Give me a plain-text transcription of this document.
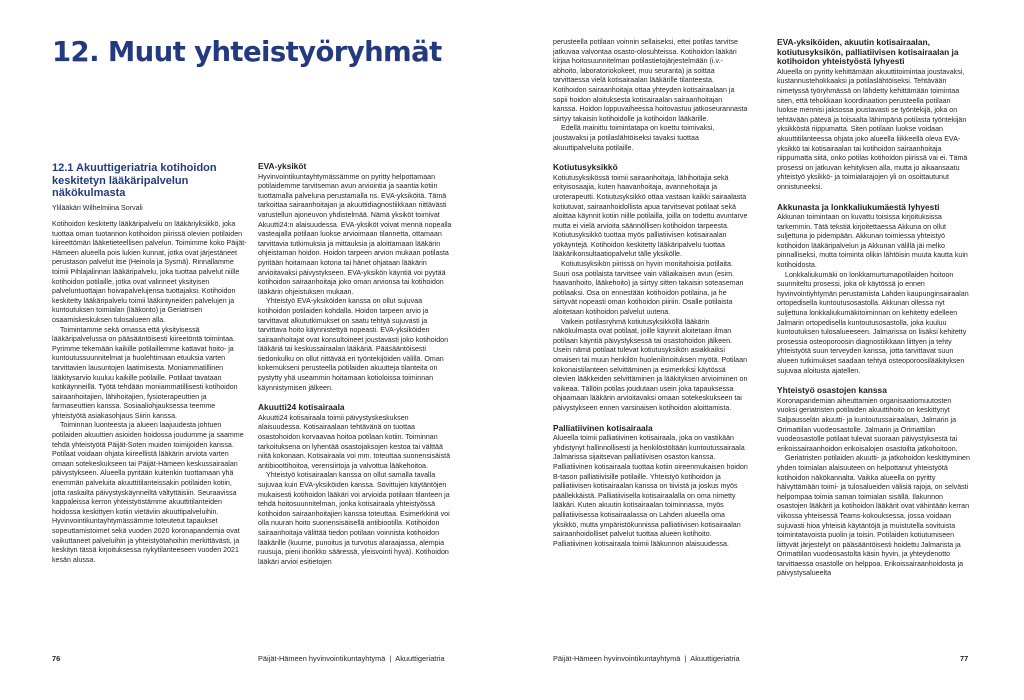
12. Muut yhteistyöryhmät
12.1 Akuuttigeriatria kotihoidon keskitetyn lääkäripalvelun näkökulmasta
Ylilääkäri Wilhelmiina Sorvali

Kotihoidon keskitetty lääkäripalvelu on lääkäriyksikkö, joka tuottaa oman tuotannon kotihoidon piirissä olevien potilaiden kiireettömän lääketieteellisen palvelun. Toimimme koko Päijät-Hämeen alueella pois lukien kunnat, jotka ovat järjestäneet perustason palvelut itse (Heinola ja Sysmä). Rinnallamme toimii Pihlajalinnan lääkäripalvelu, joka tuottaa palvelut niille kotihoidon potilaille, jotka ovat valinneet yksityisen palveluntuottajan hoivapalvelujensa tuottajaksi. Kotihoidon keskitetty lääkäripalvelu toimii lääkintyneiden palvelujen ja kuntoutuksen toimialan (lääkonto) ja Geriatrisen osaamiskeskuksen tulosalueen alla.

Toimintamme sekä omassa että yksityisessä lääkäripalvelussa on pääsääntöisesti kiireetöntä toimintaa. Pyrimme tekemään kaikille potilaillemme kattavat hoito- ja kuntoutussuunnitelmat ja huolehtimaan etuuksia varten tarvittavien lausuntojen laatimisesta. Moniammatillinen lääkitysarvio kuuluu kaikille potilaille. Potilaat tavataan kotikäynneillä. Työtä tehdään moniammatillisesti kotihoidon sairaanhoitajien, lähihoitajien, fysioterapeuttien ja farmaseuttien kanssa. Sosiaaliohjauksessa teemme yhteistyötä asiakasohjaus Siirin kanssa.

Toiminnan luonteesta ja alueen laajuudesta johtuen potilaiden akuuttien asioiden hoidossa joudumme ja saamme tehdä yhteistyötä Päijät-Soten muiden toimijoiden kanssa. Potilaat voidaan ohjata kiireellistä lääkärin arviota varten omaan sotekeskukseen tai Päijät-Hämeen keskussairaalan päivystykseen. Alueella pyritään kuitenkin tuottamaan yhä enemmän palveluita akuuttitilanteissakin potilaiden kotiin, jotta raskailta päivystyskäynneiltä vältyttäisiin. Seuraavissa kappaleissa kerron yhteistyöstämme akuuttitilanteiden hoidossa keskittyen kotiin vietäviin akuuttipalveluihin. Hyvinvointikuntayhtymässämme toteutetut tapaukset sopeuttamistoimet sekä vuoden 2020 koronapandemia ovat vaikuttaneet palveluihin ja yhteistyötahoihin merkittävästi, ja keskityn tässä kirjoituksessa nykytilanteeseen vuoden 2021 kesän alussa.

EVA-yksiköt

Hyvinvointikuntayhtymässämme on pyritty helpottamaan potilaidemme tarvitseman avun arviointia ja saantia kotiin tuottamalla palveluna perustamalla ns. EVA-yksiköitä. Tämä tarkoittaa sairaanhoitajan ja akuuttidiagnostiikkaan riittävästi varustellun ajoneuvon yhdistelmää. Nämä yksiköt toimivat Akuutti24:n alaisuudessa. EVA-yksiköt voivat mennä nopealla vasteajalla potilaan luokse arvioimaan tilannetta, ottamaan tarvittavia tutkimuksia ja mittauksia ja aloittamaan lääkärin ohjeistaman hoidon. Hoidon tarpeen arvion mukaan potilasta pyritään hoitamaan kotona tai hänet ohjataan lääkärin arvioitavaksi päivystykseen. EVA-yksikön käyntiä voi pyytää kotihoidon sairaanhoitaja joko oman arvionsa tai kotihoidon lääkärin ohjeistuksen mukaan.

Yhteistyö EVA-yksiköiden kanssa on ollut sujuvaa kotihoidon potilaiden kohdalla. Hoidon tarpeen arvio ja tarvittavat alkututkimukset on saatu tehtyä sujuvasti ja tarvittava hoito käynnistettyä nopeasti. EVA-yksiköiden sairaanhoitajat ovat konsultoineet joustavasti joko kotihoidon lääkäriä tai keskussairaalan lääkäriä. Pääsääntöisesti tiedonkulku on ollut riittävää eri työntekijöiden välillä. Oman kokemukseni perusteella potilaiden akuutteja tilanteita on pystytty yhä useammin hoitamaan kotioloissa toiminnan käynnistymisen jälkeen.

Akuutti24 kotisairaala

Akuutti24 kotisairaala toimii päivystyskeskuksen alaisuudessa. Kotisairaalaan tehtävänä on tuottaa osastohoidon korvaavaa hoitoa potilaan kotiin. Toiminnan tarkoituksena on lyhentää osastojaksojen kestoa tai välttää niitä kokonaan. Kotisairaala voi mm. toteuttaa suonensisäistä antibioottihoitoa, verensiirtoja ja valvottua lääkehoitoa.

Yhteistyö kotisairaalan kanssa on ollut samalla tavalla sujuvaa kuin EVA-yksiköiden kanssa. Sovittujen käytäntöjen mukaisesti kotihoidon lääkäri voi arvioida potilaan tilanteen ja tehdä hoitosuunnitelman, jonka kotisairaala yhteistyössä kotihoidon sairaanhoitajien kanssa toteuttaa. Esimerkkinä voi olla nuuran hoito suonensisäisellä antibiootilla. Kotihoidon sairaanhoitaja välittää tiedon potilaan voinnista kotihoidon lääkärille (kuume, punoitus ja turvotus alaraajassa, alempia ruusuja, pieni ihorikko sääressä, yleisvointi hyvä). Kotihoidon lääkäri arvioi esitietojen

perusteella potilaan voinnin sellaiseksi, ettei potilas tarvitse jatkuvaa valvontaa osasto-olosuhteissa. Kotihoidon lääkäri kirjaa hoitosuunnitelman potilastietojärjestelmään (i.v.-abhoito, laboratoriokokeet, muu seuranta) ja soittaa tarvittaessa vielä kotisairaalan lääkärille tilanteesta. Kotihoidon sairaanhoitaja ottaa yhteyden kotisairaalaan ja sopii hoidon aloituksesta kotisairaalan sairaanhoitajan kanssa. Hoidon loppuvaiheessa hoitovastuu jatkoseurannasta siirtyy takaisin kotihoidolle ja kotihoidon lääkärille.

Edellä mainittu toimintatapa on koettu toimivaksi, joustavaksi ja potilaslähtöiseksi tavaksi tuottaa akuuttipalveluita potilaille.

Kotiutusyksikkö

Kotiutusyksikössä toimii sairaanhoitaja, lähihoitajia sekä erityisosaajia, kuten haavanhoitaja, avannehoitaja ja uroterapeutti. Kotiutusyksikkö ottaa vastaan kaikki sairaalasta kotiutuvat, sairaanhoidollista apua tarvitsevat potilaat sekä aloittaa käynnit kotiin niille potilailla, joilla on todettu avuntarve mutta ei vielä arvioita säännöllisen kotihoidon tarpeesta. Kotiutusyksikkö tuottaa myös palliatiivisen kotisairaalan yökäyntejä. Kotihoidon keskitetty lääkäripalvelu tuottaa lääkärikonsultaatiopalvelut tälle yksikölle.

Kotiutusyksikön piirissä on hyvin monitahoisia potilaita. Suuri osa potilaista tarvitsee vain väliaikaisen avun (esim. haavanhoito, lääkehoito) ja siirtyy sitten takaisin soteaseman potilaaksi. Osa on ennestään kotihoidon potilaina, ja he siirtyvät nopeasti oman kotihoidon piiriin. Osalle potilaista aloitetaan kotihoidon palvelut uutena.

Vaikein potilasryhmä kotiutusyksikköllä lääkärin näkökulmasta ovat potilaat, joille käynnit aloitetaan ilman potilaan käyntiä päivystyksessä tai osastohoidon jälkeen. Usein nämä potilaat tulevat kotiutusyksikön asiakkaiksi omaisen tai muun henkilön huolenilmoituksen myötä. Potilaan kokonaistilanteen selvittäminen ja esimerkiksi käytössä olevien lääkkeiden selvittäminen ja lääkityksen arvioiminen on vaikeaa. Tällöin potilas joudutaan usein joka tapauksessa ohjaamaan lääkärin arvioitavaksi omaan sotekeskukseen tai päivystykseen ennen varsinaisen kotihoidon aloittamista.

Palliatiivinen kotisairaala

Alueella toimii palliatiivinen kotisairaala, joka on vastikään yhdistynyt hallinnollisesti ja henkilöstöltään kuntoutussairaala Jalmarissa sijaitsevan palliatiivisen osaston kanssa. Palliatiivinen kotisairaala tuottaa kotiin oireenmukaisen hoidon B-tason palliatiivisille potilaille. Yhteistyö kotihoidon ja palliatiivisen kotisairaalan kanssa on tiivistä ja joskus myös päällekkäistä. Palliatiivisella kotisairaalalla on oma nimetty lääkäri. Kuten akuutin kotisairaalan toiminnassa, myös palliatiivisessa kotisairaalassa on Lahden alueella oma yksikkö, mutta ympäristökunnissa palliatiivisen kotisairaalan sairaanhoidolliset palvelut tuottaa alueen kotihoito. Palliatiivinen kotisairaala toimii lääkunnon alaisuudessa.

EVA-yksiköiden, akuutin kotisairaalan, kotiutusyksikön, palliatiivisen kotisairaalan ja kotihoidon yhteistyöstä lyhyesti

Alueella on pyritty kehittämään akuuttitoimintaa joustavaksi, kustannustehokkaaksi ja potilaslähtöiseksi. Tehtävään nimetyssä työryhmässä on lähdetty kehittämään toimintaa siten, että tehokkaan koordinaation perusteella potilaan luokse mennisi jaksossa joustavasti se työntekijä, joka on tehtävään pätevä ja toisaalta lähimpänä potilasta työntekijän yksikköstä riippumatta. Siten potilaan luokse voidaan akuuttitilanteessa ohjata joko alueella liikkeellä oleva EVA-yksikkö tai kotisairaalan tai kotihoidon sairaanhoitaja riippumatta siitä, onko potilas kotihoidon piirissä vai ei. Tämä prosessi on jatkuvan kehityksen alla, mutta jo aikaansaatu yhteistyö yksikkö- ja toimialarajojen yli on osoittautunut onnistuneeksi.

Akkunasta ja lonkkaliukumäestä lyhyesti

Akkunan toimintaan on kuvattu toisissa kirjoituksissa tarkemmin. Tätä tekstiä kirjoitettaessa Akkuna on ollut suljettuna jo pidempään. Akkunan toimiessa yhteistyö kotihoidon lääkäripalvelun ja Akkunan välillä jäi melko pinnalliseksi, mutta toiminta olikin lähtöisin muuta kautta kuin kotihoidosta.

Lonkkaliukumäki on lonkkamurtumapotilaiden hoitoon suunniteltu prosessi, joka oli käytössä jo ennen hyvinvointiyhtymän perustamista Lahden kaupunginsairaalan ortopedisella kuntoutusosastolla. Akkunan ollessa nyt suljettuna lonkkaliukumäkitoiminnan on kehitetty edelleen Jalmarin ortopedisella kuntoutusosastolla, joka kuuluu kuntoutuksen tulosalueeseen. Jalmarissa on lisäksi kehitetty prosessia osteoporoosin diagnostiikkaan liittyen ja tehty yhteistyötä suun terveyden kanssa, jotta tarvittavat suun alueen tutkimukset saadaan tehtyä osteoporoosilääkityksen sujuvaa aloitusta ajatellen.

Yhteistyö osastojen kanssa

Koronapandemian aiheuttamien organisaatiomuutosten vuoksi geriatristen potilaiden akuuttihoito on keskittynyt Salpausselän akuutti- ja kuntoutussairaalaan, Jalmarin ja Orimattilan vuodeosastolle. Jalmarin ja Orimattilan vuodeosastolle potilaat tulevat suoraan päivystyksestä tai erikoissairaanhoidon erikoisalojen osastoilta jatkohoitoon.

Geriatristen potilaiden akuutti- ja jatkohoidon keskittyminen yhden toimialan alaisuuteen on helpottanut yhteistyötä kotihoidon näkökannalta. Vaikka alueella on pyritty häivyttämään toimi- ja tulosalueiden välisiä rajoja, on selvästi helpompaa toimia saman toimialan sisällä. Ilakunnon osastojen lääkärit ja kotihoidon lääkärit ovat vähintään kerran viikossa yhteisessä Teams-kokouksessa, jossa voidaan sujuvasti hioa yhteisiä käytäntöjä ja muistutella sovituista toimintatavoista puolin ja toisin. Potilaiden kotiutumiseen liittyvät järjestelyt on pääsääntöisesti hoidettu Jalmarista ja Orimattilan vuodeosastolta käsin hyvin, ja yhteydenotto tarvittaessa osastolle on helppoa. Erikoissairaanhoidosta ja päivystysalueelta

76	Päijät-Hämeen hyvinvointikuntayhtymä | Akuuttigeriatria	Päijät-Hämeen hyvinvointikuntayhtymä | Akuuttigeriatria	77
